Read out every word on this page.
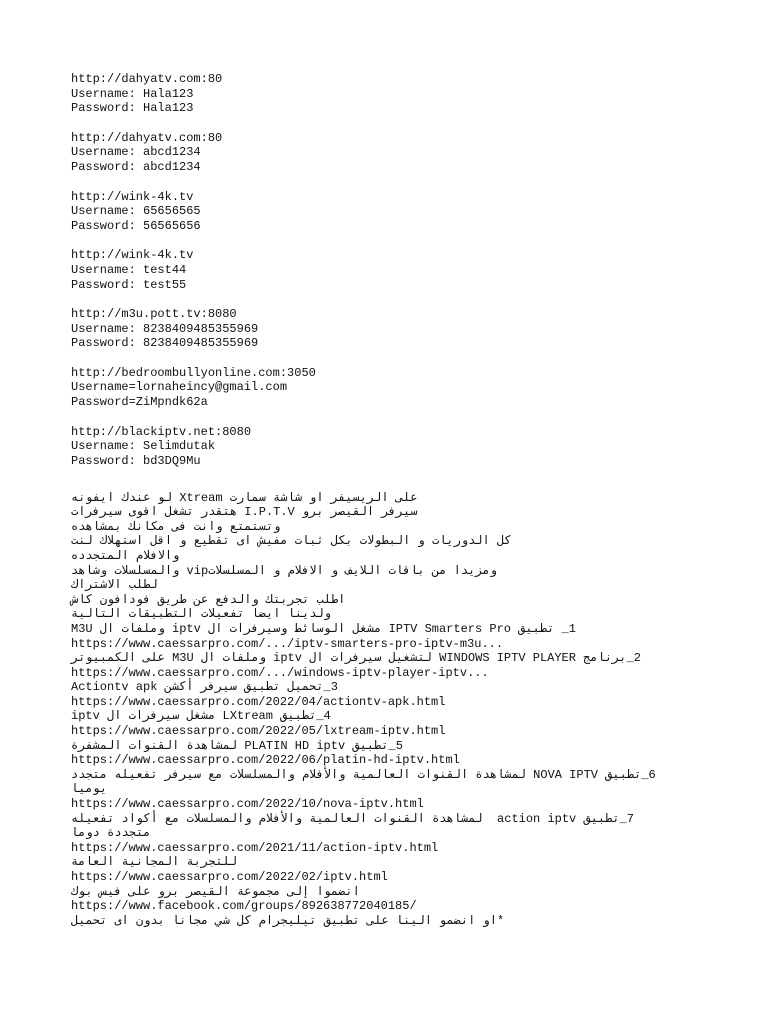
http://dahyatv.com:80
Username: Hala123
Password: Hala123
http://dahyatv.com:80
Username: abcd1234
Password: abcd1234
http://wink-4k.tv
Username: 65656565
Password: 56565656
http://wink-4k.tv
Username: test44
Password: test55
http://m3u.pott.tv:8080
Username: 8238409485355969
Password: 8238409485355969
http://bedroombullyonline.com:3050
Username=lornaheincy@gmail.com
Password=ZiMpndk62a
http://blackiptv.net:8080
Username: Selimdutak
Password: bd3DQ9Mu
على الريسيفر او شاشة سمارت Xtream لو عندك ايفونه
سيرفر القيصر برو I.P.T.V هتقدر تشغل اقوى سيرفرات
وتستمتع وانت فى مكانك بمشاهده
كل الدوريات و البطولات بكل ثبات مفيش اى تقطيع و اقل استهلاك لنت
والافلام المتجدده
ومزيدا من باقات اللايف و الافلام و المسلسلاتvip والمسلسلات وشاهد
لطلب الاشتراك
اطلب تجربتك والدفع عن طريق فودافون كاش
ولدينا ايضا تفعيلات التطبيقات التالية
1_ تطبيق IPTV Smarters Pro مشغل الوسائط وسيرفرات ال iptv وملفات ال M3U
https://www.caessarpro.com/.../iptv-smarters-pro-iptv-m3u...
2_برنامج WINDOWS IPTV PLAYER لتشغيل سيرفرات ال iptv وملفات ال M3U على الكمبيوتر
https://www.caessarpro.com/.../windows-iptv-player-iptv...
3_تحميل تطبيق سيرفر أكشن Actiontv apk
https://www.caessarpro.com/2022/04/actiontv-apk.html
4_تطبيق LXtream مشغل سيرفرات ال iptv
https://www.caessarpro.com/2022/05/lxtream-iptv.html
5_تطبيق PLATIN HD iptv لمشاهدة القنوات المشفرة
https://www.caessarpro.com/2022/06/platin-hd-iptv.html
6_تطبيق NOVA IPTV لمشاهدة القنوات العالمية والأفلام والمسلسلات مع سيرفر تفعيله متجدد
يوميا
https://www.caessarpro.com/2022/10/nova-iptv.html
7_تطبيق action iptv  لمشاهدة القنوات العالمية والأفلام والمسلسلات مع أكواد تفعيله
متجددة دوما
https://www.caessarpro.com/2021/11/action-iptv.html
للتجربة المجانية العامة
https://www.caessarpro.com/2022/02/iptv.html
انضموا إلى مجموعة القيصر برو على فيس بوك
https://www.facebook.com/groups/892638772040185/
*او انضمو الينا على تطبيق تيليجرام كل شي مجانا بدون اى تحميل
